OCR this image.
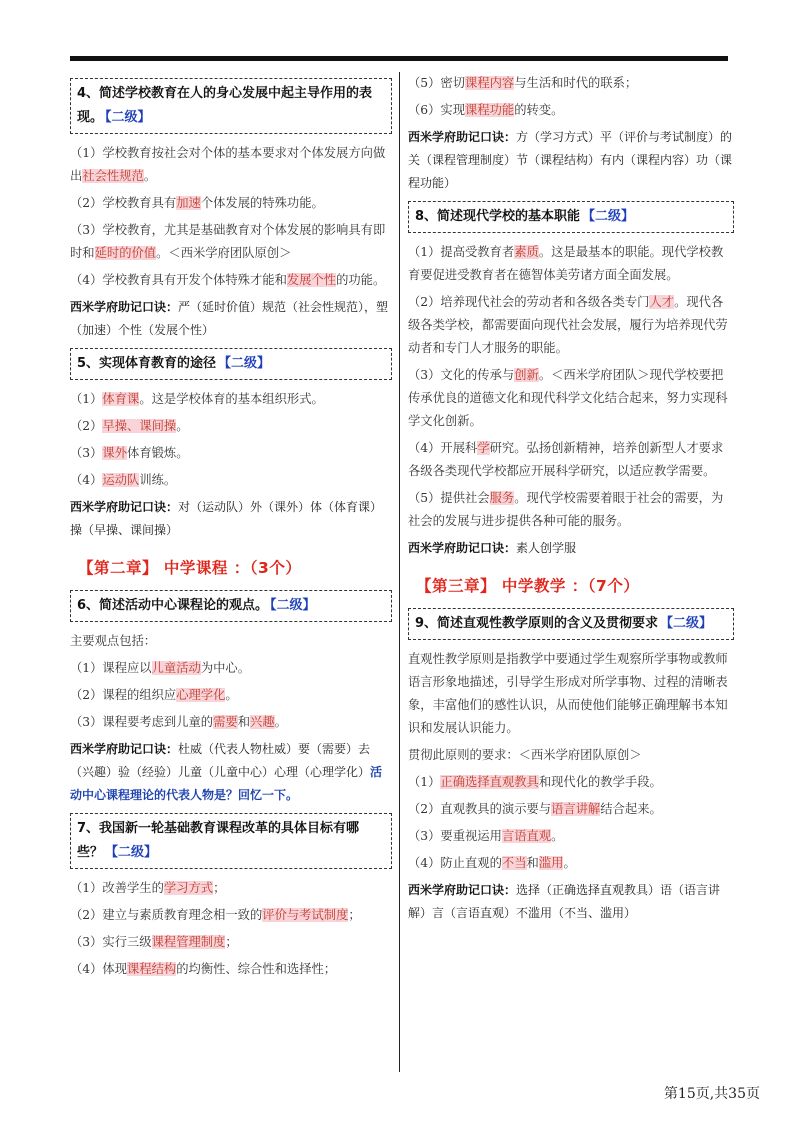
4、简述学校教育在人的身心发展中起主导作用的表现。 【二级】

（1）学校教育按社会对个体的基本要求对个体发展方向做出社会性规范。

（2）学校教育具有加速个体发展的特殊功能。

（3）学校教育，尤其是基础教育对个体发展的影响具有即时和延时的价值。＜西米学府团队原创＞

（4）学校教育具有开发个体特殊才能和发展个性的功能。

西米学府助记口诀：严（延时价值）规范（社会性规范），塑（加速）个性（发展个性）

5、实现体育教育的途径 【二级】

（1）体育课。这是学校体育的基本组织形式。

（2）早操、课间操。

（3）课外体育锻炼。

（4）运动队训练。

西米学府助记口诀：对（运动队）外（课外）体（体育课）操（早操、课间操）

【第二章】 中学课程 ：（3个）
6、简述活动中心课程论的观点。 【二级】

主要观点包括：

（1）课程应以儿童活动为中心。

（2）课程的组织应心理学化。

（3）课程要考虑到儿童的需要和兴趣。

西米学府助记口诀：杜威（代表人物杜威）要（需要）去（兴趣）验（经验）儿童（儿童中心）心理（心理学化）活动中心课程理论的代表人物是？回忆一下。

7、我国新一轮基础教育课程改革的具体目标有哪些？ 【二级】

（1）改善学生的学习方式；

（2）建立与素质教育理念相一致的评价与考试制度；

（3）实行三级课程管理制度；

（4）体现课程结构的均衡性、综合性和选择性；

（5）密切课程内容与生活和时代的联系；

（6）实现课程功能的转变。

西米学府助记口诀：方（学习方式）平（评价与考试制度）的关（课程管理制度）节（课程结构）有内（课程内容）功（课程功能）

8、简述现代学校的基本职能 【二级】

（1）提高受教育者素质。这是最基本的职能。现代学校教育要促进受教育者在德智体美劳诸方面全面发展。

（2）培养现代社会的劳动者和各级各类专门人才。现代各级各类学校，都需要面向现代社会发展，履行为培养现代劳动者和专门人才服务的职能。

（3）文化的传承与创新。＜西米学府团队＞现代学校要把传承优良的道德文化和现代科学文化结合起来，努力实现科学文化创新。

（4）开展科学研究。弘扬创新精神，培养创新型人才要求各级各类现代学校都应开展科学研究，以适应教学需要。

（5）提供社会服务。现代学校需要着眼于社会的需要，为社会的发展与进步提供各种可能的服务。

西米学府助记口诀：素人创学服

【第三章】 中学教学 ：（7个）
9、简述直观性教学原则的含义及贯彻要求 【二级】

直观性教学原则是指教学中要通过学生观察所学事物或教师语言形象地描述，引导学生形成对所学事物、过程的清晰表象，丰富他们的感性认识，从而使他们能够正确理解书本知识和发展认识能力。

贯彻此原则的要求：＜西米学府团队原创＞

（1）正确选择直观教具和现代化的教学手段。

（2）直观教具的演示要与语言讲解结合起来。

（3）要重视运用言语直观。

（4）防止直观的不当和滥用。

西米学府助记口诀：选择（正确选择直观教具）语（语言讲解）言（言语直观）不滥用（不当、滥用）

第15页,共35页
